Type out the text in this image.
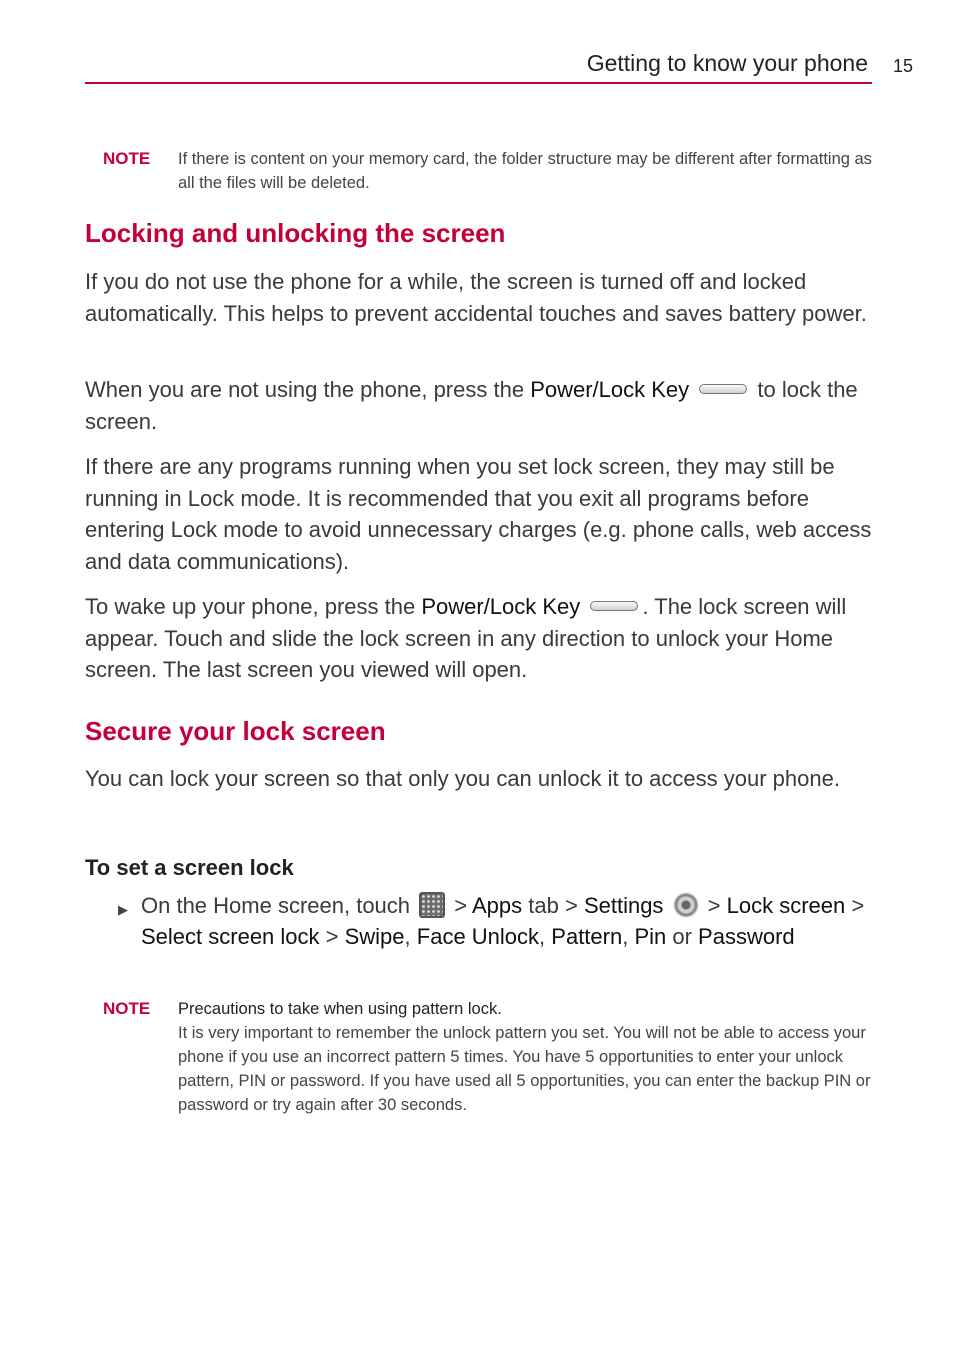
Getting to know your phone 15
NOTE If there is content on your memory card, the folder structure may be different after formatting as all the files will be deleted.
Locking and unlocking the screen
If you do not use the phone for a while, the screen is turned off and locked automatically. This helps to prevent accidental touches and saves battery power.
When you are not using the phone, press the Power/Lock Key	to lock the screen.
If there are any programs running when you set lock screen, they may still be running in Lock mode. It is recommended that you exit all programs before entering Lock mode to avoid unnecessary charges (e.g. phone calls, web access and data communications).
To wake up your phone, press the Power/Lock Key	. The lock screen will appear. Touch and slide the lock screen in any direction to unlock your Home screen. The last screen you viewed will open.
Secure your lock screen
You can lock your screen so that only you can unlock it to access your phone.
To set a screen lock
▶ On the Home screen, touch  > Apps tab > Settings  > Lock screen > Select screen lock > Swipe, Face Unlock, Pattern, Pin or Password
NOTE Precautions to take when using pattern lock.
It is very important to remember the unlock pattern you set. You will not be able to access your phone if you use an incorrect pattern 5 times. You have 5 opportunities to enter your unlock pattern, PIN or password. If you have used all 5 opportunities, you can enter the backup PIN or password or try again after 30 seconds.
